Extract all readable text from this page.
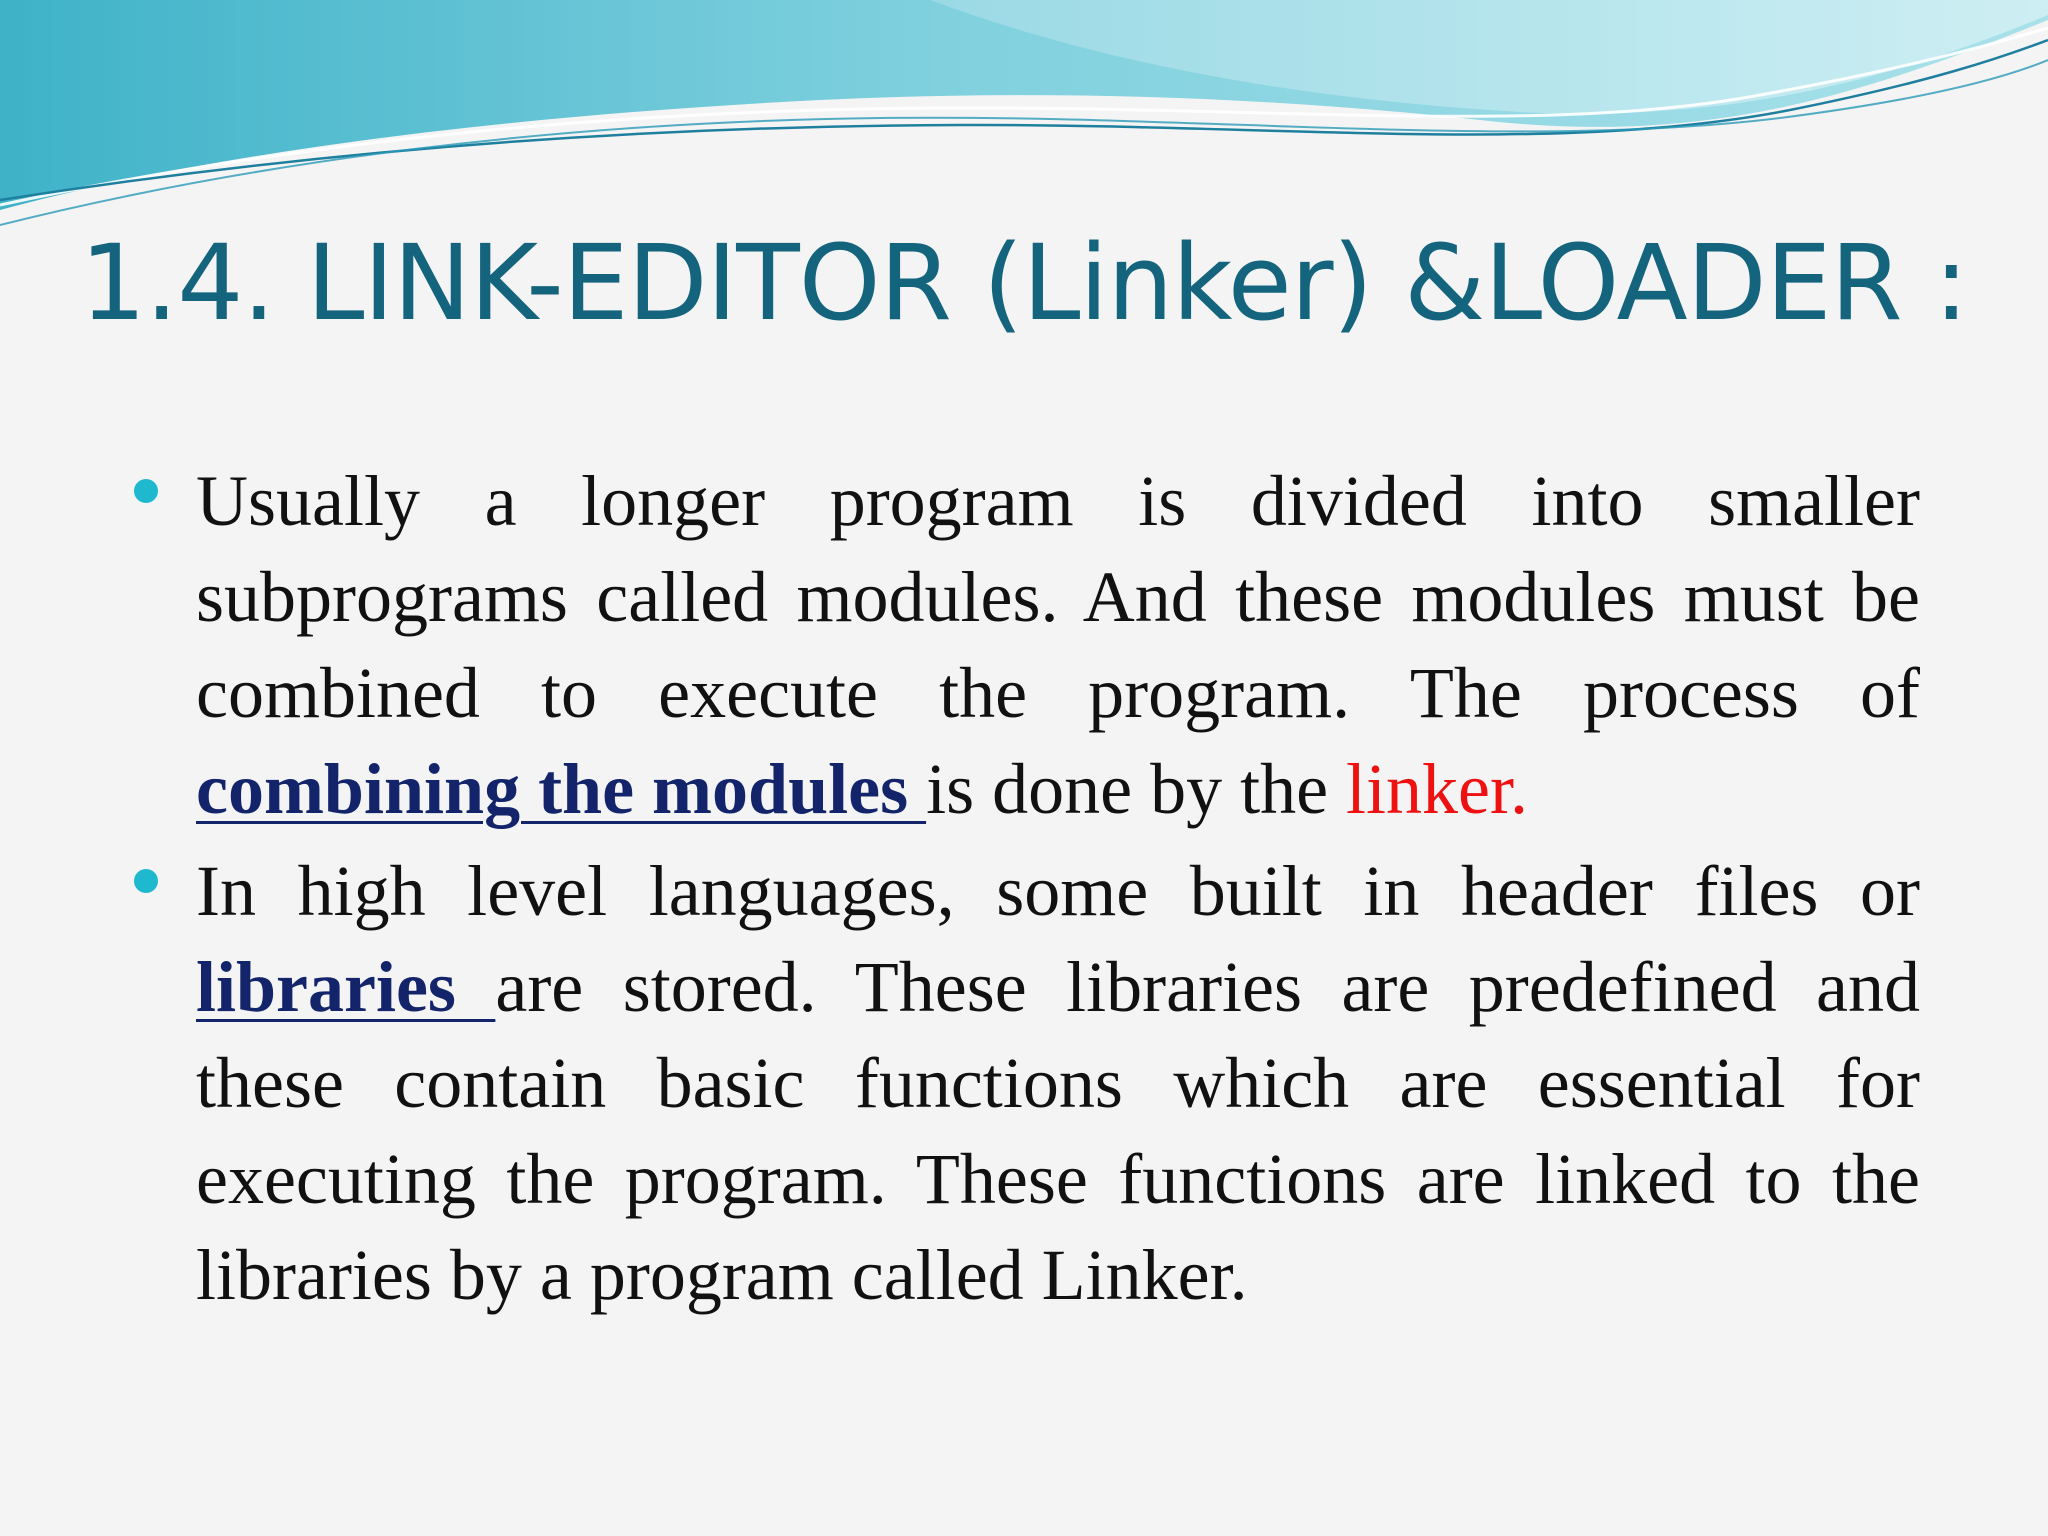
1.4. LINK-EDITOR (Linker) &LOADER :
Usually a longer program is divided into smaller subprograms called modules. And these modules must be combined to execute the program. The process of combining the modules is done by the linker.
In high level languages, some built in header files or libraries are stored. These libraries are predefined and these contain basic functions which are essential for executing the program. These functions are linked to the libraries by a program called Linker.
